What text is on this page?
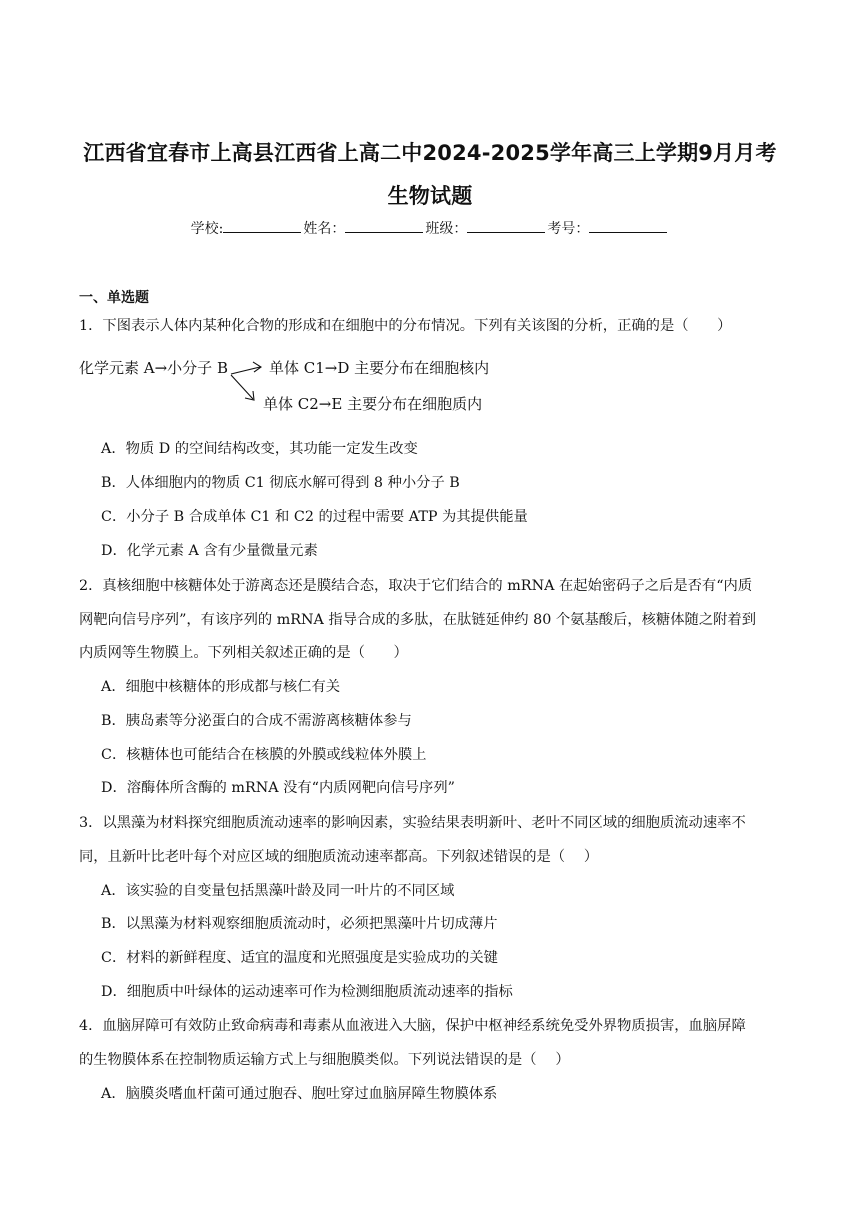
江西省宜春市上高县江西省上高二中2024-2025学年高三上学期9月月考
生物试题
学校:	姓名：	班级：	考号：
一、单选题
1．下图表示人体内某种化合物的形成和在细胞中的分布情况。下列有关该图的分析，正确的是（　　）
化学元素 A→小分子 B	单体 C1→D 主要分布在细胞核内
单体 C2→E 主要分布在细胞质内
A．物质 D 的空间结构改变，其功能一定发生改变
B．人体细胞内的物质 C1 彻底水解可得到 8 种小分子 B
C．小分子 B 合成单体 C1 和 C2 的过程中需要 ATP 为其提供能量
D．化学元素 A 含有少量微量元素
2．真核细胞中核糖体处于游离态还是膜结合态，取决于它们结合的 mRNA 在起始密码子之后是否有“内质
网靶向信号序列”，有该序列的 mRNA 指导合成的多肽，在肽链延伸约 80 个氨基酸后，核糖体随之附着到
内质网等生物膜上。下列相关叙述正确的是（　　）
A．细胞中核糖体的形成都与核仁有关
B．胰岛素等分泌蛋白的合成不需游离核糖体参与
C．核糖体也可能结合在核膜的外膜或线粒体外膜上
D．溶酶体所含酶的 mRNA 没有“内质网靶向信号序列”
3．以黑藻为材料探究细胞质流动速率的影响因素，实验结果表明新叶、老叶不同区域的细胞质流动速率不
同，且新叶比老叶每个对应区域的细胞质流动速率都高。下列叙述错误的是（　 ）
A．该实验的自变量包括黑藻叶龄及同一叶片的不同区域
B．以黑藻为材料观察细胞质流动时，必须把黑藻叶片切成薄片
C．材料的新鲜程度、适宜的温度和光照强度是实验成功的关键
D．细胞质中叶绿体的运动速率可作为检测细胞质流动速率的指标
4．血脑屏障可有效防止致命病毒和毒素从血液进入大脑，保护中枢神经系统免受外界物质损害，血脑屏障
的生物膜体系在控制物质运输方式上与细胞膜类似。下列说法错误的是（　 ）
A．脑膜炎嗜血杆菌可通过胞吞、胞吐穿过血脑屏障生物膜体系
